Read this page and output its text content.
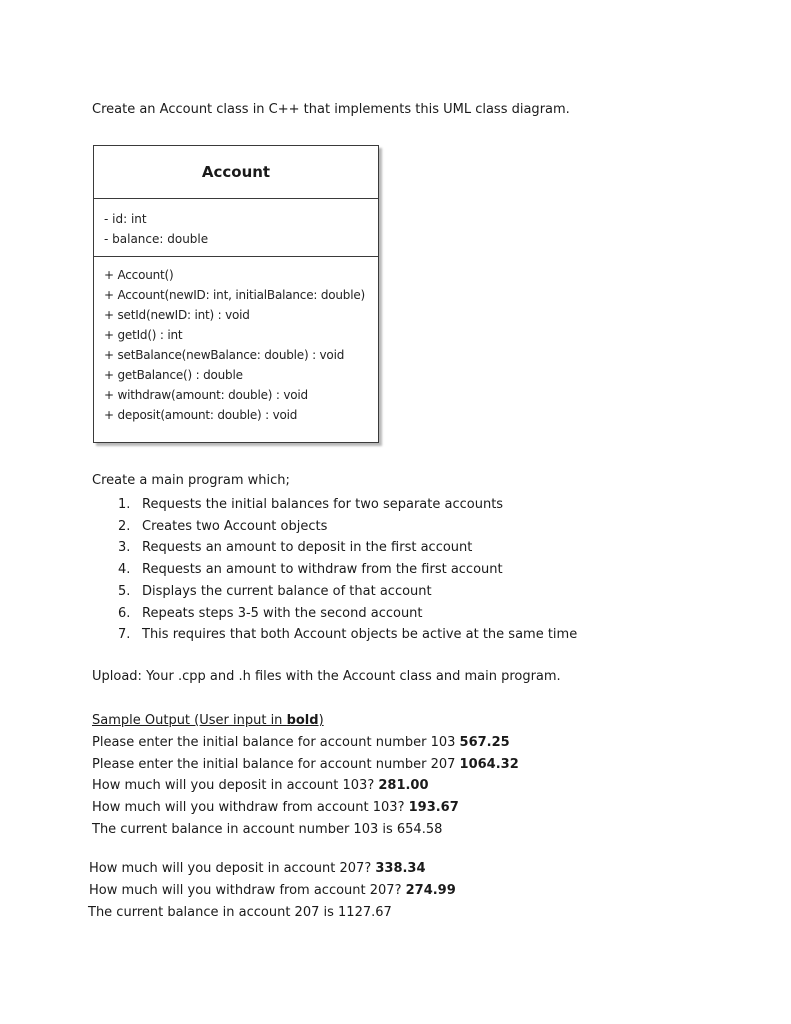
Create an Account class in C++ that implements this UML class diagram.
Account
- id: int
- balance: double
+ Account()
+ Account(newID: int, initialBalance: double)
+ setId(newID: int) : void
+ getId() : int
+ setBalance(newBalance: double) : void
+ getBalance() : double
+ withdraw(amount: double) : void
+ deposit(amount: double) : void
Create a main program which;
1. Requests the initial balances for two separate accounts
2. Creates two Account objects
3. Requests an amount to deposit in the first account
4. Requests an amount to withdraw from the first account
5. Displays the current balance of that account
6. Repeats steps 3-5 with the second account
7. This requires that both Account objects be active at the same time
Upload: Your .cpp and .h files with the Account class and main program.
Sample Output (User input in bold)
Please enter the initial balance for account number 103 567.25
Please enter the initial balance for account number 207 1064.32
How much will you deposit in account 103? 281.00
How much will you withdraw from account 103? 193.67
The current balance in account number 103 is 654.58
How much will you deposit in account 207? 338.34
How much will you withdraw from account 207? 274.99
The current balance in account 207 is 1127.67
